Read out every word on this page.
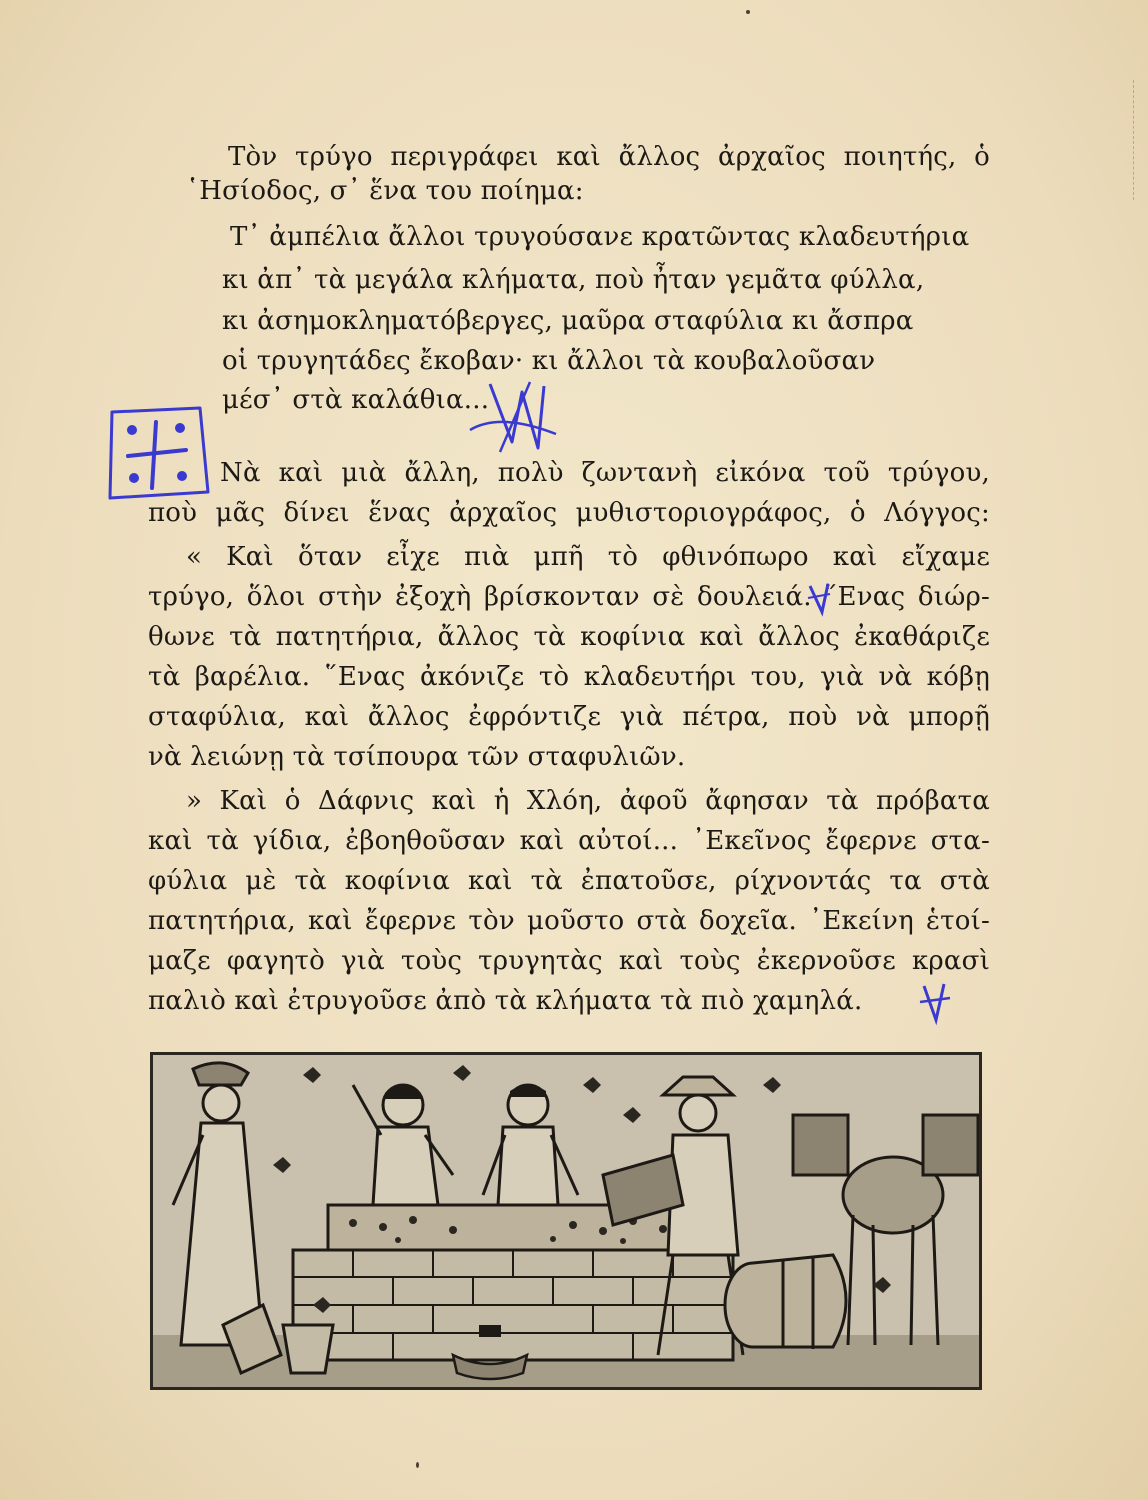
Τὸν τρύγο περιγράφει καὶ ἄλλος ἀρχαῖος ποιητής, ὁ
῾Ησίοδος, σ᾽ ἕνα του ποίημα:
Τ᾽ ἀμπέλια ἄλλοι τρυγούσανε κρατῶντας κλαδευτήρια
κι ἀπ᾽ τὰ μεγάλα κλήματα, ποὺ ἦταν γεμᾶτα φύλλα,
κι ἀσημοκληματόβεργες, μαῦρα σταφύλια κι ἄσπρα
οἱ τρυγητάδες ἔκοβαν· κι ἄλλοι τὰ κουβαλοῦσαν
μέσ᾽ στὰ καλάθια...
Νὰ καὶ μιὰ ἄλλη, πολὺ ζωντανὴ εἰκόνα τοῦ τρύγου,
ποὺ μᾶς δίνει ἕνας ἀρχαῖος μυθιστοριογράφος, ὁ Λόγγος:
« Καὶ ὅταν εἶχε πιὰ μπῆ τὸ φθινόπωρο καὶ εἴχαμε
τρύγο, ὅλοι στὴν ἐξοχὴ βρίσκονταν σὲ δουλειά. ῞Ενας διώρ-
θωνε τὰ πατητήρια, ἄλλος τὰ κοφίνια καὶ ἄλλος ἐκαθάριζε
τὰ βαρέλια. ῞Ενας ἀκόνιζε τὸ κλαδευτήρι του, γιὰ νὰ κόβῃ
σταφύλια, καὶ ἄλλος ἐφρόντιζε γιὰ πέτρα, ποὺ νὰ μπορῇ
νὰ λειώνῃ τὰ τσίπουρα τῶν σταφυλιῶν.
» Καὶ ὁ Δάφνις καὶ ἡ Χλόη, ἀφοῦ ἄφησαν τὰ πρόβατα
καὶ τὰ γίδια, ἐβοηθοῦσαν καὶ αὐτοί... ᾿Εκεῖνος ἔφερνε στα-
φύλια μὲ τὰ κοφίνια καὶ τὰ ἐπατοῦσε, ρίχνοντάς τα στὰ
πατητήρια, καὶ ἔφερνε τὸν μοῦστο στὰ δοχεῖα. ᾿Εκείνη ἑτοί-
μαζε φαγητὸ γιὰ τοὺς τρυγητὰς καὶ τοὺς ἐκερνοῦσε κρασὶ
παλιὸ καὶ ἐτρυγοῦσε ἀπὸ τὰ κλήματα τὰ πιὸ χαμηλά.
